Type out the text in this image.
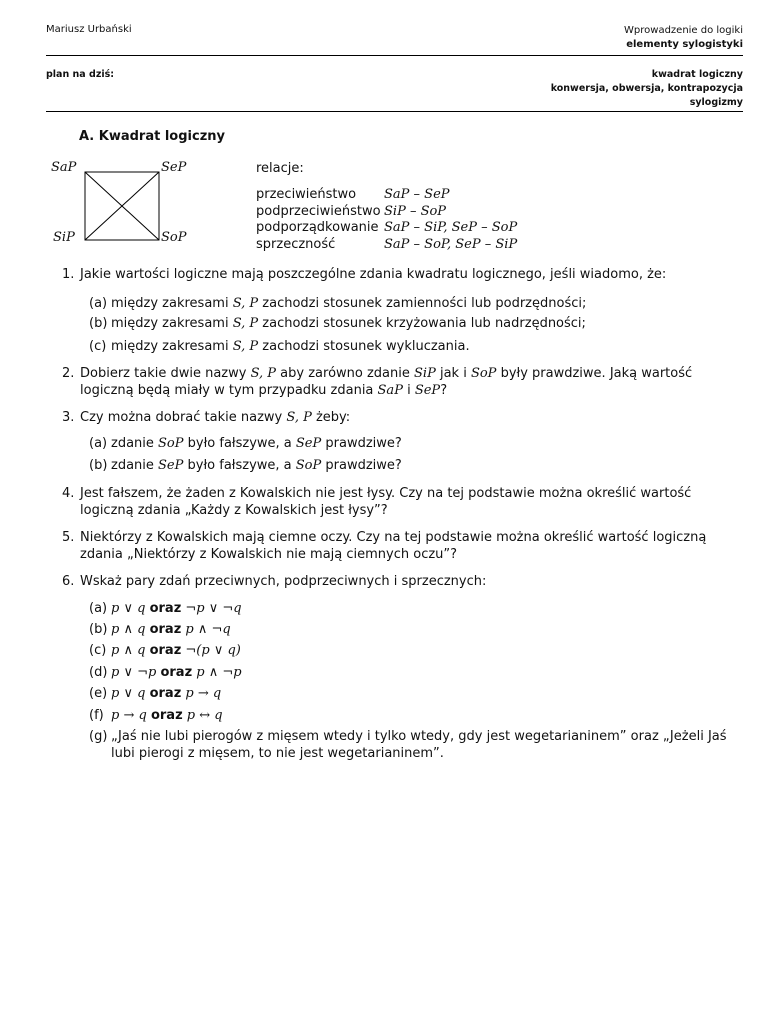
Mariusz Urbański	Wprowadzenie do logiki
elementy sylogistyki
plan na dziś:	kwadrat logiczny
konwersja, obwersja, kontrapozycja
sylogizmy
A. Kwadrat logiczny
SaP	SeP
SiP	SoP
relacje:
przeciwieństwo	SaP – SeP
podprzeciwieństwo SiP – SoP
podporządkowanie SaP – SiP, SeP – SoP
sprzeczność	SaP – SoP, SeP – SiP
1. Jakie wartości logiczne mają poszczególne zdania kwadratu logicznego, jeśli wiadomo, że:
(a) między zakresami S, P zachodzi stosunek zamienności lub podrzędności;
(b) między zakresami S, P zachodzi stosunek krzyżowania lub nadrzędności;
(c) między zakresami S, P zachodzi stosunek wykluczania.
2. Dobierz takie dwie nazwy S, P aby zarówno zdanie SiP jak i SoP były prawdziwe. Jaką wartość logiczną będą miały w tym przypadku zdania SaP i SeP?
3. Czy można dobrać takie nazwy S, P żeby:
(a) zdanie SoP było fałszywe, a SeP prawdziwe?
(b) zdanie SeP było fałszywe, a SoP prawdziwe?
4. Jest fałszem, że żaden z Kowalskich nie jest łysy. Czy na tej podstawie można określić wartość logiczną zdania „Każdy z Kowalskich jest łysy”?
5. Niektórzy z Kowalskich mają ciemne oczy. Czy na tej podstawie można określić wartość logiczną zdania „Niektórzy z Kowalskich nie mają ciemnych oczu”?
6. Wskaż pary zdań przeciwnych, podprzeciwnych i sprzecznych:
(a) p ∨ q oraz ¬p ∨ ¬q
(b) p ∧ q oraz p ∧ ¬q
(c) p ∧ q oraz ¬(p ∨ q)
(d) p ∨ ¬p oraz p ∧ ¬p
(e) p ∨ q oraz p → q
(f) p → q oraz p ↔ q
(g) „Jaś nie lubi pierogów z mięsem wtedy i tylko wtedy, gdy jest wegetarianinem” oraz „Jeżeli Jaś lubi pierogi z mięsem, to nie jest wegetarianinem”.
